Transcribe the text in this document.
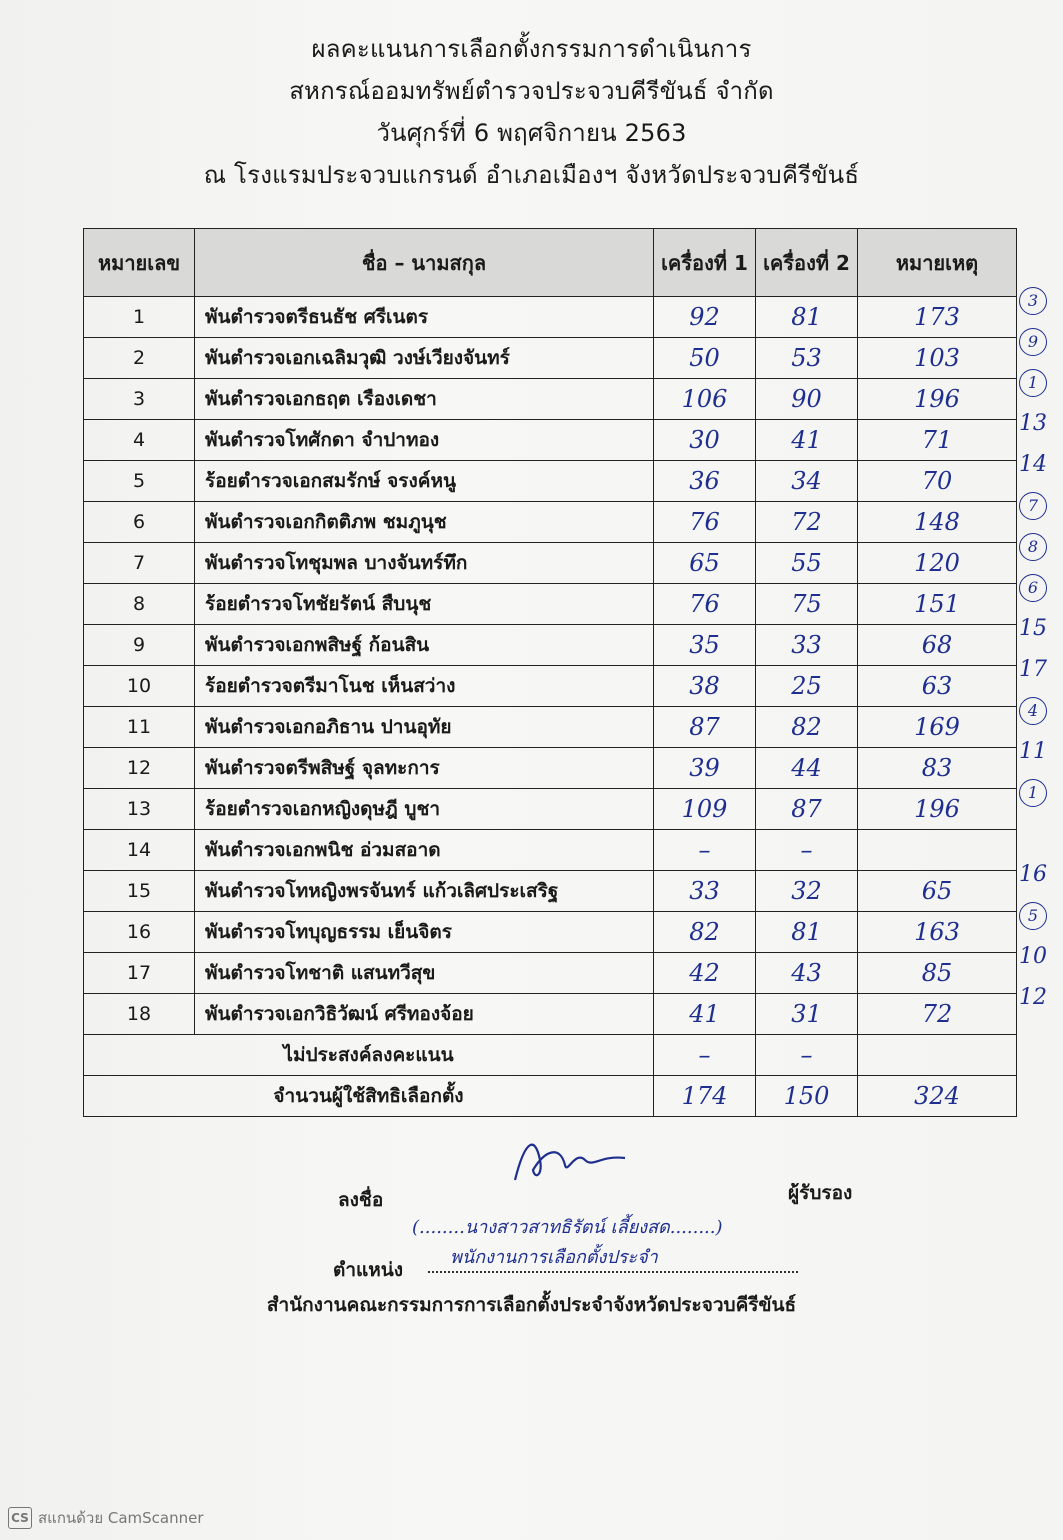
ผลคะแนนการเลือกตั้งกรรมการดำเนินการ
สหกรณ์ออมทรัพย์ตำรวจประจวบคีรีขันธ์ จำกัด
วันศุกร์ที่ 6 พฤศจิกายน 2563
ณ โรงแรมประจวบแกรนด์ อำเภอเมืองฯ จังหวัดประจวบคีรีขันธ์
หมายเลข	ชื่อ – นามสกุล	เครื่องที่ 1	เครื่องที่ 2	หมายเหตุ
1	พันตำรวจตรีธนธัช ศรีเนตร	92	81	173
2	พันตำรวจเอกเฉลิมวุฒิ วงษ์เวียงจันทร์	50	53	103
3	พันตำรวจเอกธฤต เรืองเดชา	106	90	196
4	พันตำรวจโทศักดา จำปาทอง	30	41	71
5	ร้อยตำรวจเอกสมรักษ์ จรงค์หนู	36	34	70
6	พันตำรวจเอกกิตติภพ ชมภูนุช	76	72	148
7	พันตำรวจโทชุมพล บางจันทร์ทึก	65	55	120
8	ร้อยตำรวจโทชัยรัตน์ สืบนุช	76	75	151
9	พันตำรวจเอกพสิษฐ์ ก้อนสิน	35	33	68
10	ร้อยตำรวจตรีมาโนช เห็นสว่าง	38	25	63
11	พันตำรวจเอกอภิธาน ปานอุทัย	87	82	169
12	พันตำรวจตรีพสิษฐ์ จุลทะการ	39	44	83
13	ร้อยตำรวจเอกหญิงดุษฎี บูชา	109	87	196
14	พันตำรวจเอกพนิช อ่วมสอาด	–	–	
15	พันตำรวจโทหญิงพรจันทร์ แก้วเลิศประเสริฐ	33	32	65
16	พันตำรวจโทบุญธรรม เย็นจิตร	82	81	163
17	พันตำรวจโทชาติ แสนทวีสุข	42	43	85
18	พันตำรวจเอกวิธิวัฒน์ ศรีทองจ้อย	41	31	72
ไม่ประสงค์ลงคะแนน		–	–	
จำนวนผู้ใช้สิทธิเลือกตั้ง		174	150	324
3
9
1
13
14
7
8
6
15
17
4
11
1
16
5
10
12
ลงชื่อ	ผู้รับรอง
(........นางสาวสาทธิรัตน์ เลี้ยงสด........)
ตำแหน่ง
พนักงานการเลือกตั้งประจำ
สำนักงานคณะกรรมการการเลือกตั้งประจำจังหวัดประจวบคีรีขันธ์
CS สแกนด้วย CamScanner
